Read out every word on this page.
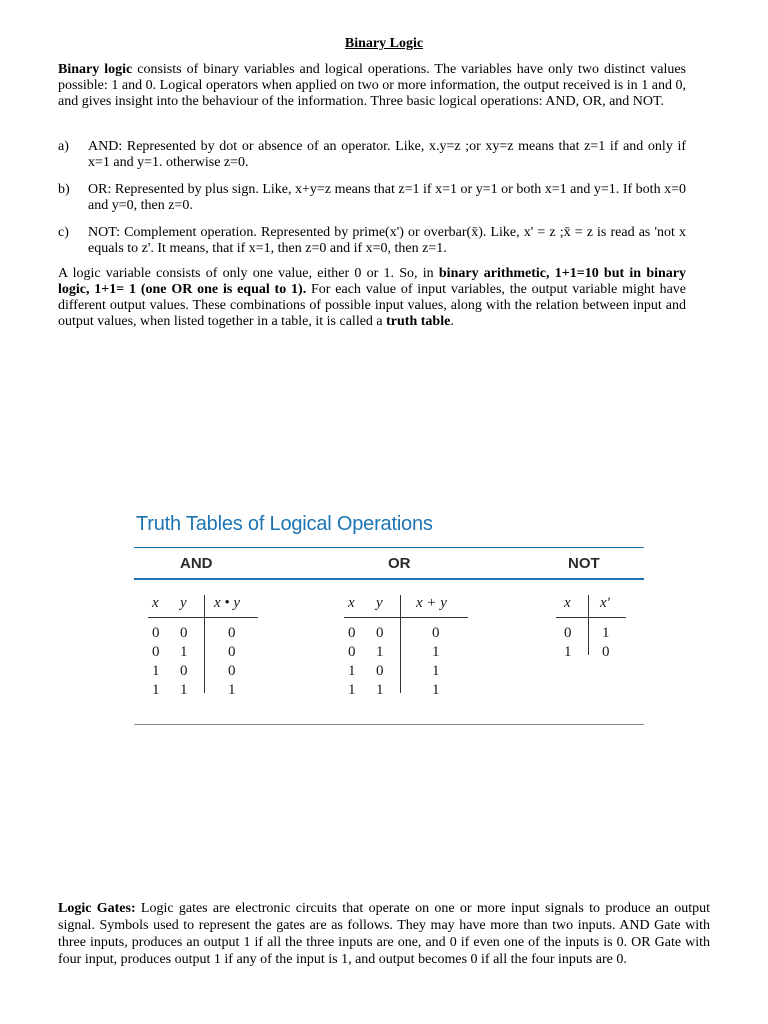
Binary Logic
Binary logic consists of binary variables and logical operations. The variables have only two distinct values possible: 1 and 0. Logical operators when applied on two or more information, the output received is in 1 and 0, and gives insight into the behaviour of the information. Three basic logical operations: AND, OR, and NOT.
a) AND: Represented by dot or absence of an operator. Like, x.y=z ;or xy=z means that z=1 if and only if x=1 and y=1. otherwise z=0.
b) OR: Represented by plus sign. Like, x+y=z means that z=1 if x=1 or y=1 or both x=1 and y=1. If both x=0 and y=0, then z=0.
c) NOT: Complement operation. Represented by prime(x') or overbar(x̄). Like, x' = z ;x̄ = z is read as 'not x equals to z'. It means, that if x=1, then z=0 and if x=0, then z=1.
A logic variable consists of only one value, either 0 or 1. So, in binary arithmetic, 1+1=10 but in binary logic, 1+1= 1 (one OR one is equal to 1). For each value of input variables, the output variable might have different output values. These combinations of possible input values, along with the relation between input and output values, when listed together in a table, it is called a truth table.
Truth Tables of Logical Operations
AND	OR	NOT
x y x • y
0 0	0
0 1	0
1 0	0
1 1	1
x y x + y
0 0	0
0 1	1
1 0	1
1 1	1
x x'
0 1
1 0
Logic Gates: Logic gates are electronic circuits that operate on one or more input signals to produce an output signal. Symbols used to represent the gates are as follows. They may have more than two inputs. AND Gate with three inputs, produces an output 1 if all the three inputs are one, and 0 if even one of the inputs is 0. OR Gate with four input, produces output 1 if any of the input is 1, and output becomes 0 if all the four inputs are 0.
